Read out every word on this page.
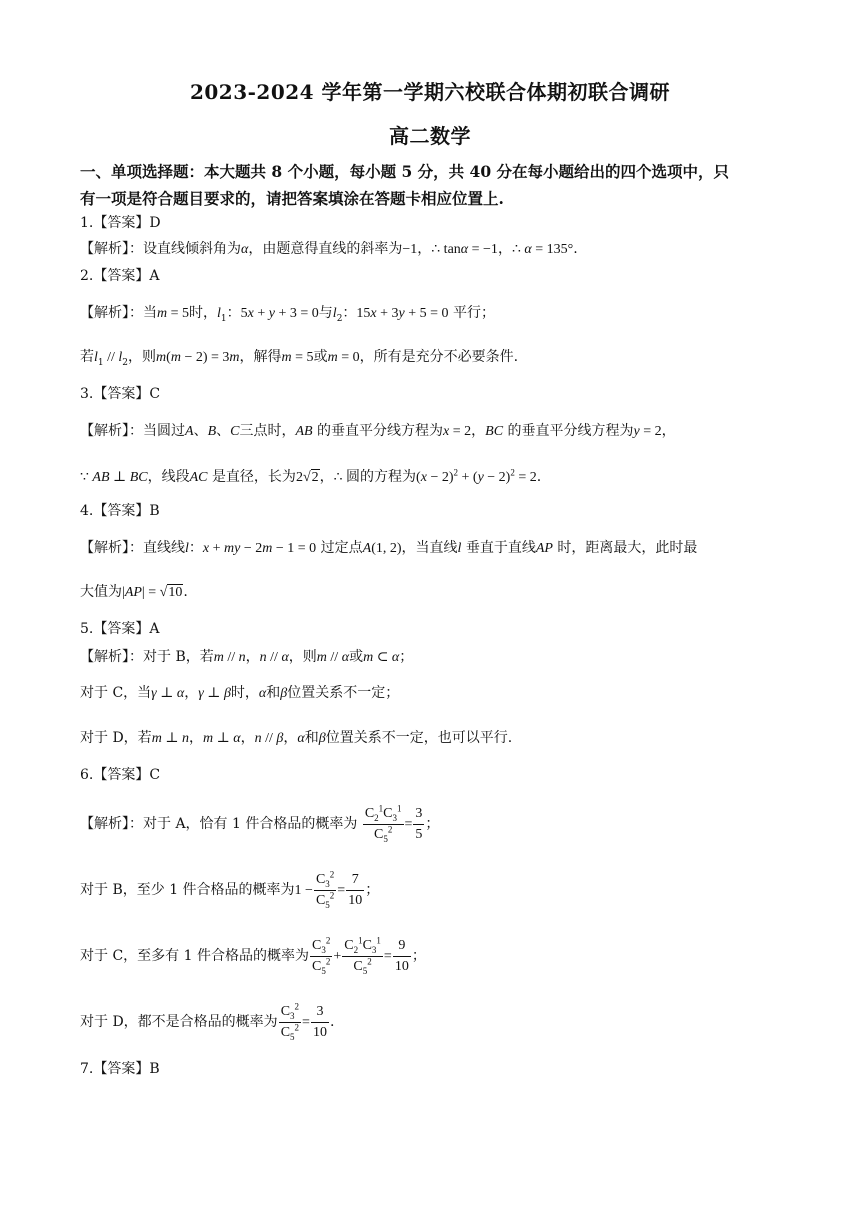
2023-2024 学年第一学期六校联合体期初联合调研
高二数学
一、单项选择题：本大题共 8 个小题，每小题 5 分，共 40 分在每小题给出的四个选项中，只
有一项是符合题目要求的，请把答案填涂在答题卡相应位置上.
1.【答案】D
【解析】：设直线倾斜角为α，由题意得直线的斜率为−1，∴ tanα = −1，∴ α = 135°.
2.【答案】A
【解析】：当m = 5时，$l_1$：5x + y + 3 = 0与$l_2$：15x + 3y + 5 = 0 平行；
若$l_1 // l_2$，则m(m − 2) = 3m，解得m = 5或m = 0，所有是充分不必要条件.
3.【答案】C
【解析】：当圆过A、B、C三点时，AB 的垂直平分线方程为x = 2，BC 的垂直平分线方程为y = 2，
∵ AB ⊥ BC，线段AC 是直径，长为2√2，∴ 圆的方程为$(x - 2)^2 + (y - 2)^2 = 2$.
4.【答案】B
【解析】：直线线l：x + my − 2m − 1 = 0 过定点A(1, 2)，当直线l 垂直于直线AP 时，距离最大，此时最
大值为|AP| = √10.
5.【答案】A
【解析】：对于 B，若m // n，n // α，则m // α或m ⊂ α；
对于 C，当γ ⊥ α，γ ⊥ β时，α和β位置关系不一定；
对于 D，若m ⊥ n，m ⊥ α，n // β，α和β位置关系不一定，也可以平行.
6.【答案】C
【解析】：对于 A，恰有 1 件合格品的概率为 $\frac{C_2^1C_3^1}{C_5^2} = \frac{3}{5}$ ；
对于 B，至少 1 件合格品的概率为$1 - \frac{C_3^2}{C_5^2} = \frac{7}{10}$ ；
对于 C，至多有 1 件合格品的概率为 $\frac{C_3^2}{C_5^2} + \frac{C_2^1C_3^1}{C_5^2} = \frac{9}{10}$ ；
对于 D，都不是合格品的概率为 $\frac{C_3^2}{C_5^2} = \frac{3}{10}$ .
7.【答案】B
